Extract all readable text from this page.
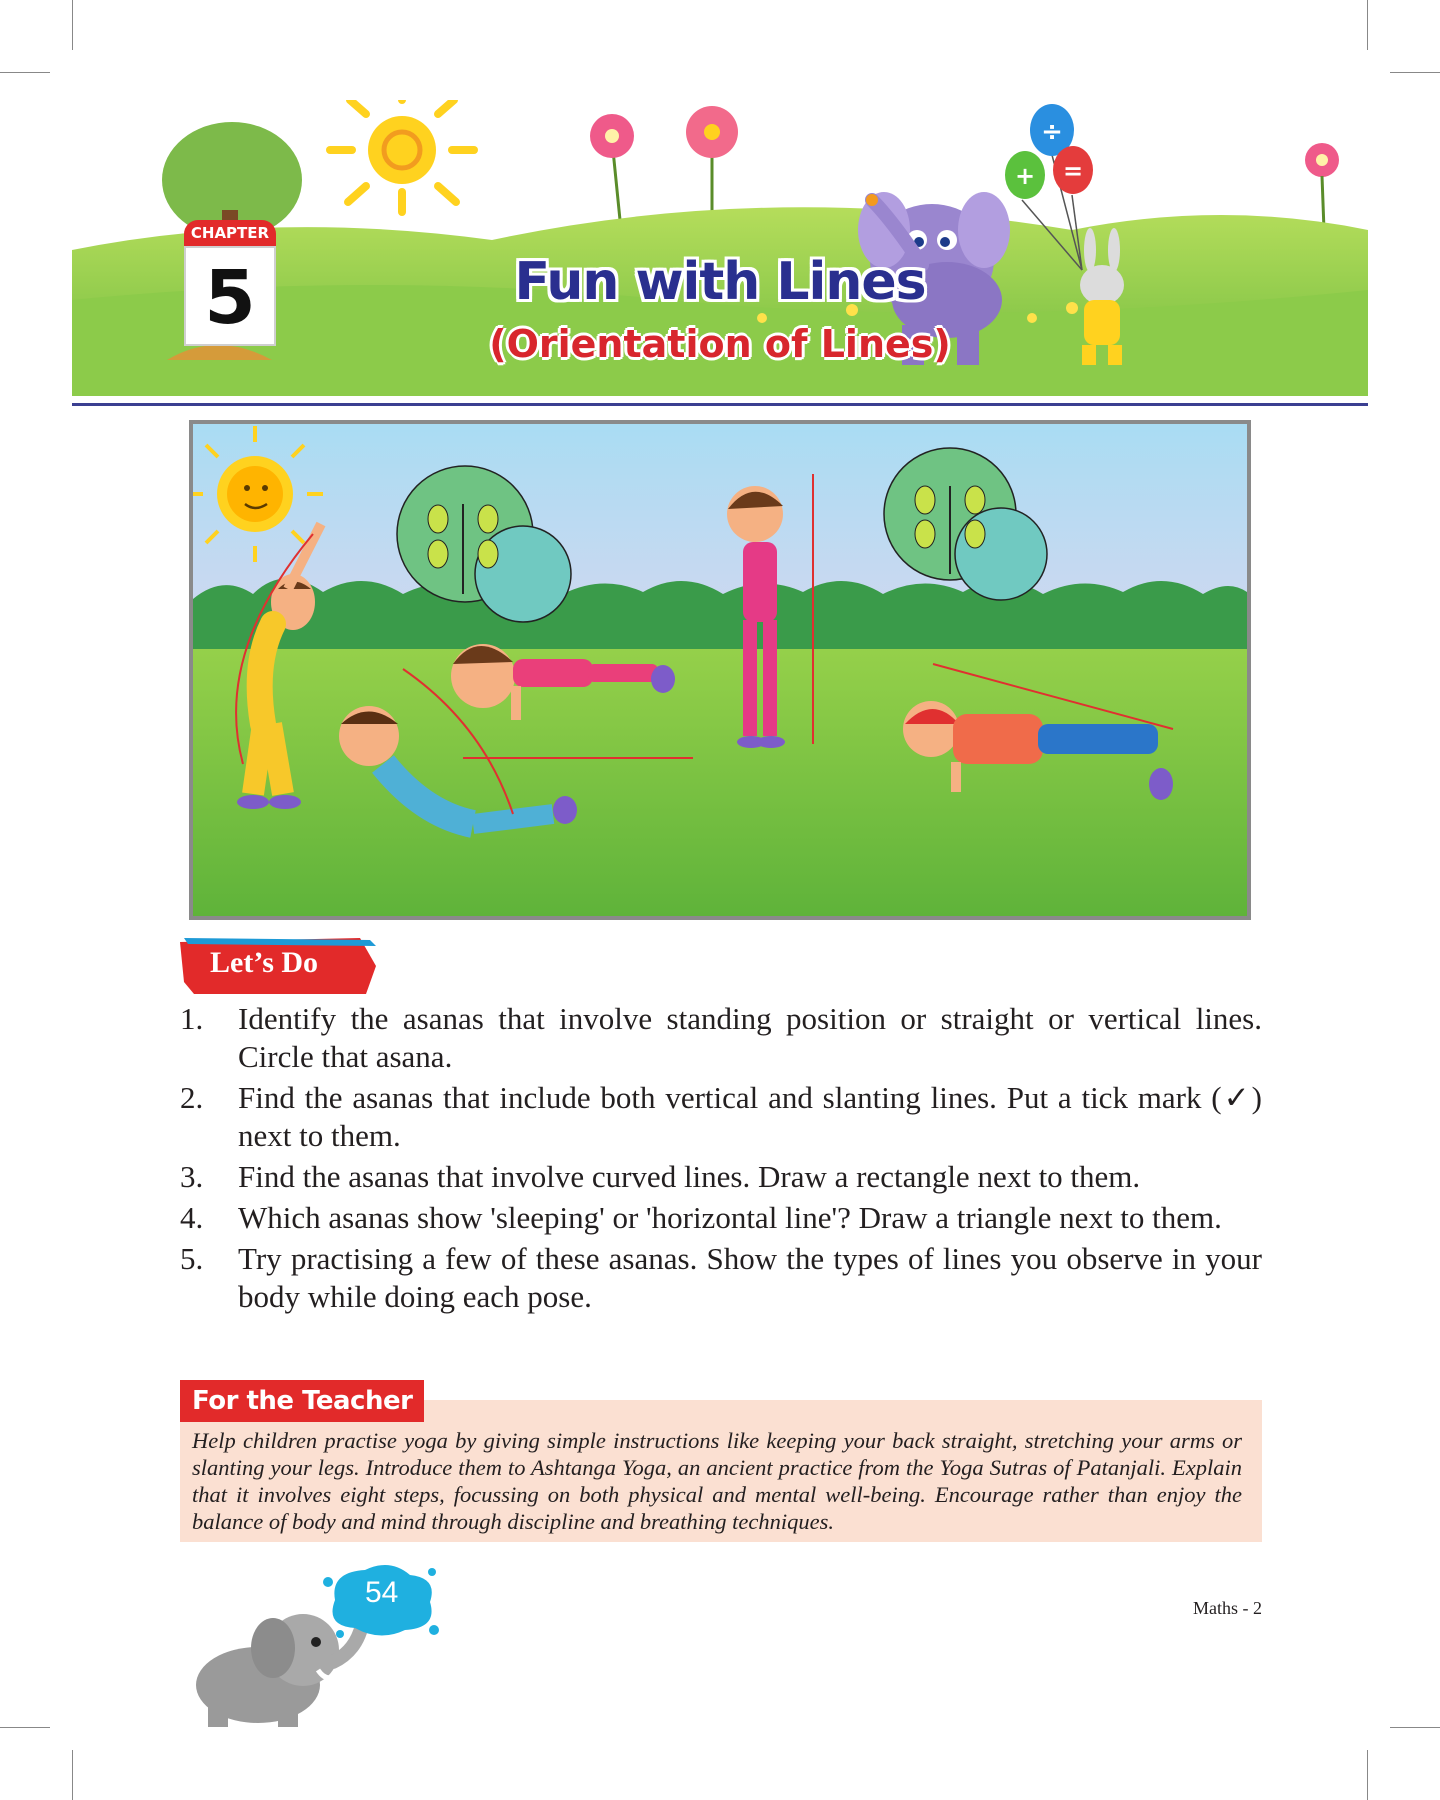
÷
+ =
CHAPTER
5	Fun with Lines
(Orientation of Lines)
Let’s Do
1. Identify the asanas that involve standing position or straight or vertical lines. Circle that asana.
2. Find the asanas that include both vertical and slanting lines. Put a tick mark (✓) next to them.
3. Find the asanas that involve curved lines. Draw a rectangle next to them.
4. Which asanas show 'sleeping' or 'horizontal line'? Draw a triangle next to them.
5. Try practising a few of these asanas. Show the types of lines you observe in your body while doing each pose.
For the Teacher
Help children practise yoga by giving simple instructions like keeping your back straight, stretching your arms or slanting your legs. Introduce them to Ashtanga Yoga, an ancient practice from the Yoga Sutras of Patanjali. Explain that it involves eight steps, focussing on both physical and mental well-being. Encourage rather than enjoy the balance of body and mind through discipline and breathing techniques.
54	Maths - 2
